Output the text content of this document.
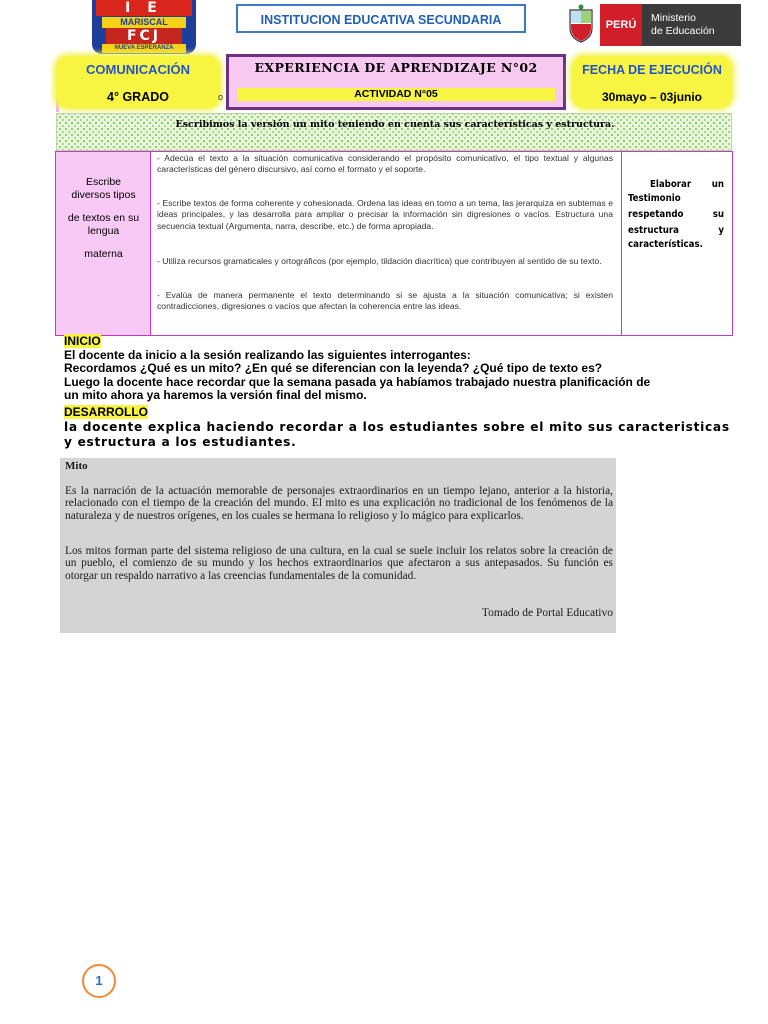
I E
MARISCAL
FCJ
NUEVA ESPERANZA
INSTITUCION EDUCATIVA SECUNDARIA	PERÚ
Ministerio
de Educación
COMUNICACIÓN
4° GRADO	o
EXPERIENCIA DE APRENDIZAJE N°02
ACTIVIDAD N°05
FECHA DE EJECUCIÓN
30mayo – 03junio
Escribimos la versión un mito teniendo en cuenta sus características y estructura.
Escribe
diversos tipos
de textos en su
lengua
materna

- Adecúa el texto a la situación comunicativa considerando el propósito comunicativo, el tipo textual y algunas características del género discursivo, así como el formato y el soporte.

- Escribe textos de forma coherente y cohesionada. Ordena las ideas en torno a un tema, las jerarquiza en subtemas e ideas principales, y las desarrolla para ampliar o precisar la información sin digresiones o vacíos. Estructura una secuencia textual (Argumenta, narra, describe, etc.) de forma apropiada.

- Utiliza recursos gramaticales y ortográficos (por ejemplo, tildación diacrítica) que contribuyen al sentido de su texto.

- Evalúa de manera permanente el texto determinando si se ajusta a la situación comunicativa; si existen contradicciones, digresiones o vacíos que afectan la coherencia entre las ideas.

Elaborar un
Testimonio
respetando su
estructura y
características.
INICIO
El docente da inicio a la sesión realizando las siguientes interrogantes:
Recordamos ¿Qué es un mito? ¿En qué se diferencian con la leyenda? ¿Qué tipo de texto es?
Luego la docente hace recordar que la semana pasada ya habíamos trabajado nuestra planificación de
un mito ahora ya haremos la versión final del mismo.
DESARROLLO
la docente explica haciendo recordar a los estudiantes sobre el mito sus caracteristicas
y estructura a los estudiantes.
Mito

Es la narración de la actuación memorable de personajes extraordinarios en un tiempo lejano, anterior a la historia, relacionado con el tiempo de la creación del mundo. El mito es una explicación no tradicional de los fenómenos de la naturaleza y de nuestros orígenes, en los cuales se hermana lo religioso y lo mágico para explicarlos.

Los mitos forman parte del sistema religioso de una cultura, en la cual se suele incluir los relatos sobre la creación de un pueblo, el comienzo de su mundo y los hechos extraordinarios que afectaron a sus antepasados. Su función es otorgar un respaldo narrativo a las creencias fundamentales de la comunidad.

Tomado de Portal Educativo
1
